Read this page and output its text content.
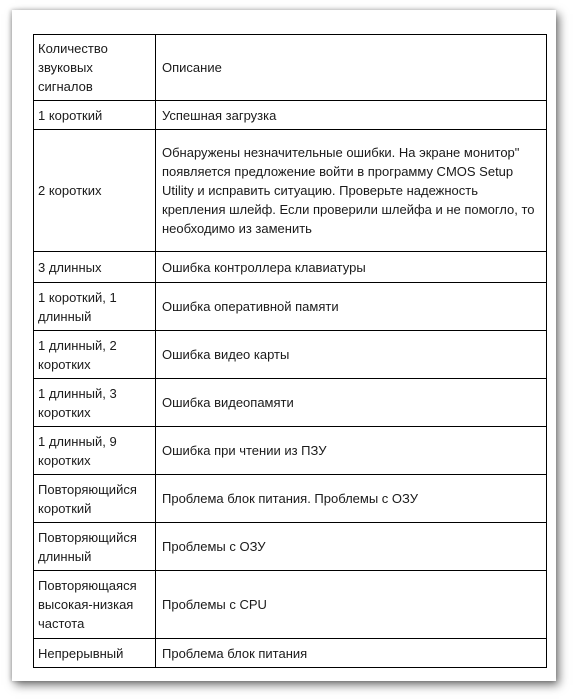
Количество звуковых сигналов	Описание
1 короткий	Успешная загрузка
2 коротких	Обнаружены незначительные ошибки. На экране монитор" появляется предложение войти в программу CMOS Setup Utility и исправить ситуацию. Проверьте надежность крепления шлейф. Если проверили шлейфа и не помогло, то необходимо из заменить
3 длинных	Ошибка контроллера клавиатуры
1 короткий, 1 длинный	Ошибка оперативной памяти
1 длинный, 2 коротких	Ошибка видео карты
1 длинный, 3 коротких	Ошибка видеопамяти
1 длинный, 9 коротких	Ошибка при чтении из ПЗУ
Повторяющийся короткий	Проблема блок питания. Проблемы с ОЗУ
Повторяющийся длинный	Проблемы с ОЗУ
Повторяющаяся высокая-низкая частота	Проблемы с CPU
Непрерывный	Проблема блок питания
